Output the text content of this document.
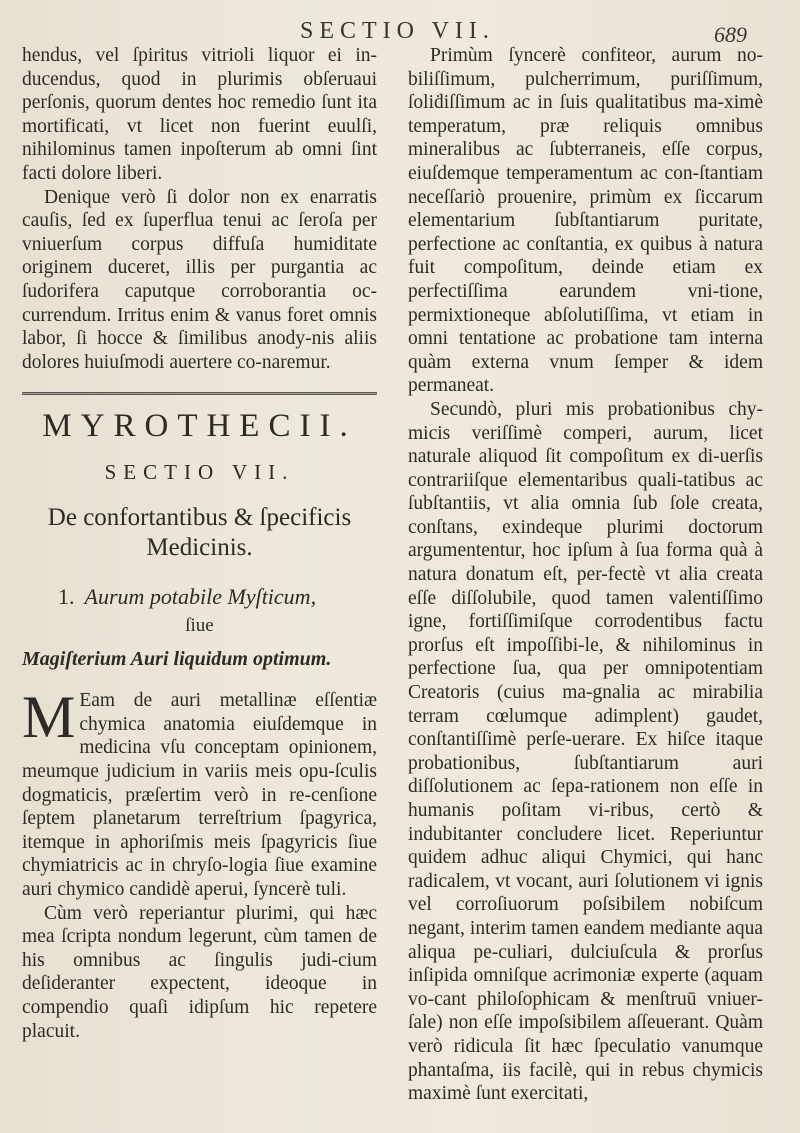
SECTIO VII.	689

hendus, vel ſpiritus vitrioli liquor ei in-ducendus, quod in plurimis obſeruaui perſonis, quorum dentes hoc remedio ſunt ita mortificati, vt licet non fuerint euulſi, nihilominus tamen inpoſterum ab omni ſint facti dolore liberi.

Denique verò ſi dolor non ex enarratis cauſis, ſed ex ſuperflua tenui ac ſeroſa per vniuerſum corpus diffuſa humiditate originem duceret, illis per purgantia ac ſudorifera caputque corroborantia oc-currendum. Irritus enim & vanus foret omnis labor, ſi hocce & ſimilibus anody-nis aliis dolores huiuſmodi auertere co-naremur.

MYROTHECII.
SECTIO VII.
De confortantibus & ſpecificis Medicinis.
1. Aurum potabile Myſticum,
ſiue
Magiſterium Auri liquidum optimum.

M Eam de auri metallinæ eſſentiæ chymica anatomia eiuſdemque in medicina vſu conceptam opinionem, meumque judicium in variis meis opu-ſculis dogmaticis, præſertim verò in re-cenſione ſeptem planetarum terreſtrium ſpagyrica, itemque in aphoriſmis meis ſpagyricis ſiue chymiatricis ac in chryſo-logia ſiue examine auri chymico candidè aperui, ſyncerè tuli.

Cùm verò reperiantur plurimi, qui hæc mea ſcripta nondum legerunt, cùm tamen de his omnibus ac ſingulis judi-cium deſideranter expectent, ideoque in compendio quaſi idipſum hic repetere placuit.

Primùm ſyncerè confiteor, aurum no-biliſſimum, pulcherrimum, puriſſimum, ſoliḋiſſimum ac in ſuis qualitatibus ma-ximè temperatum, præ reliquis omnibus mineralibus ac ſubterraneis, eſſe corpus, eiuſdemque temperamentum ac con-ſtantiam neceſſariò prouenire, primùm ex ſiccarum elementarium ſubſtantiarum puritate, perfectione ac conſtantia, ex quibus à natura fuit compoſitum, deinde etiam ex perfectiſſima earundem vni-tione, permixtioneque abſolutiſſima, vt etiam in omni tentatione ac probatione tam interna quàm externa vnum ſemper & idem permaneat.

Secundò, pluri mis probationibus chy-micis veriſſimè comperi, aurum, licet naturale aliquod ſit compoſitum ex di-uerſis contrariiſque elementaribus quali-tatibus ac ſubſtantiis, vt alia omnia ſub ſole creata, conſtans, exindeque plurimi doctorum argumententur, hoc ipſum à ſua forma quà à natura donatum eſt, per-fectè vt alia creata eſſe diſſolubile, quod tamen valentiſſimo igne, fortiſſimiſque corrodentibus factu prorſus eſt impoſſibi-le, & nihilominus in perfectione ſua, qua per omnipotentiam Creatoris (cuius ma-gnalia ac mirabilia terram cœlumque adimplent) gaudet, conſtantiſſimè perſe-uerare. Ex hiſce itaque probationibus, ſubſtantiarum auri diſſolutionem ac ſepa-rationem non eſſe in humanis poſitam vi-ribus, certò & indubitanter concludere licet. Reperiuntur quidem adhuc aliqui Chymici, qui hanc radicalem, vt vocant, auri ſolutionem vi ignis vel corroſiuorum poſsibilem nobiſcum negant, interim tamen eandem mediante aqua aliqua pe-culiari, dulciuſcula & prorſus inſipida omniſque acrimoniæ experte (aquam vo-cant philoſophicam & menſtruū vniuer-ſale) non eſſe impoſsibilem aſſeuerant. Quàm verò ridicula ſit hæc ſpeculatio vanumque phantaſma, iis facilè, qui in rebus chymicis maximè ſunt exercitati,
